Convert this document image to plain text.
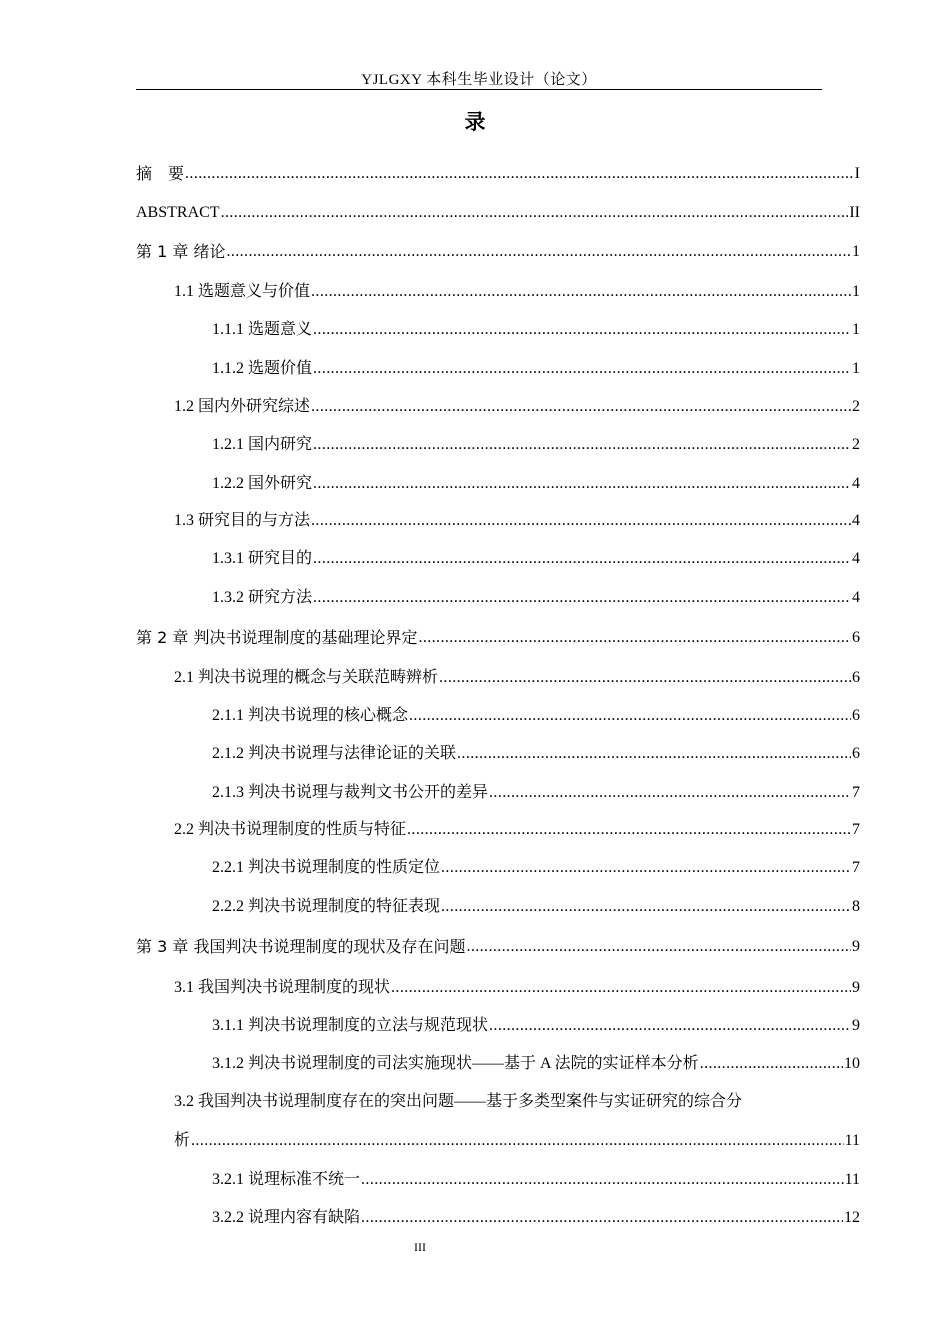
YJLGXY 本科生毕业设计（论文）
录
摘　要 .....	I
ABSTRACT .....	II
第 1 章 绪论 .....	1
1.1 选题意义与价值 .....	1
1.1.1 选题意义 .....	1
1.1.2 选题价值 .....	1
1.2 国内外研究综述 .....	2
1.2.1 国内研究 .....	2
1.2.2 国外研究 .....	4
1.3 研究目的与方法 .....	4
1.3.1 研究目的 .....	4
1.3.2 研究方法 .....	4
第 2 章 判决书说理制度的基础理论界定 .....	6
2.1 判决书说理的概念与关联范畴辨析 .....	6
2.1.1 判决书说理的核心概念 .....	6
2.1.2 判决书说理与法律论证的关联 .....	6
2.1.3 判决书说理与裁判文书公开的差异 .....	7
2.2 判决书说理制度的性质与特征 .....	7
2.2.1 判决书说理制度的性质定位 .....	7
2.2.2 判决书说理制度的特征表现 .....	8
第 3 章 我国判决书说理制度的现状及存在问题 .....	9
3.1 我国判决书说理制度的现状 .....	9
3.1.1 判决书说理制度的立法与规范现状 .....	9
3.1.2 判决书说理制度的司法实施现状——基于 A 法院的实证样本分析 .....	10
3.2 我国判决书说理制度存在的突出问题——基于多类型案件与实证研究的综合分
析 .....	11
3.2.1 说理标准不统一 .....	11
3.2.2 说理内容有缺陷 .....	12
III
